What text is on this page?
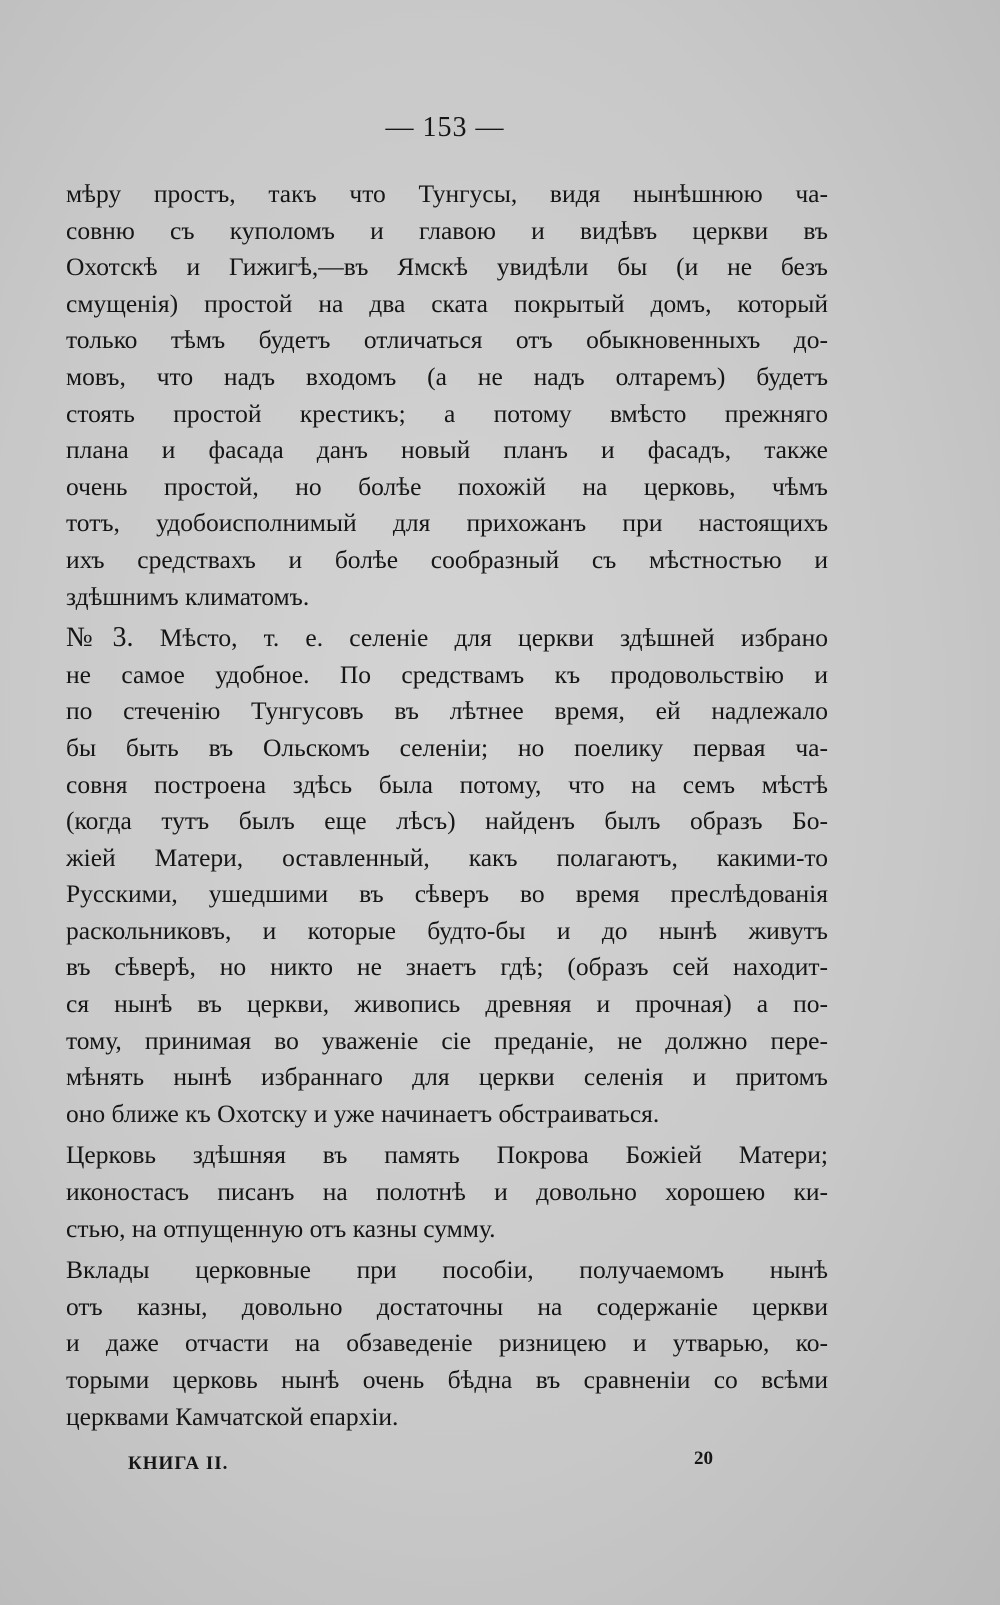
— 153 —
мѣру простъ, такъ что Тунгусы, видя нынѣшнюю ча-
совню съ куполомъ и главою и видѣвъ церкви въ
Охотскѣ и Гижигѣ,—въ Ямскѣ увидѣли бы (и не безъ
смущенія) простой на два ската покрытый домъ, который
только тѣмъ будетъ отличаться отъ обыкновенныхъ до-
мовъ, что надъ входомъ (а не надъ олтаремъ) будетъ
стоять простой крестикъ; а потому вмѣсто прежняго
плана и фасада данъ новый планъ и фасадъ, также
очень простой, но болѣе похожій на церковь, чѣмъ
тотъ, удобоисполнимый для прихожанъ при настоящихъ
ихъ средствахъ и болѣе сообразный съ мѣстностью и
здѣшнимъ климатомъ.
№3. Мѣсто, т. е. селеніе для церкви здѣшней избрано
не самое удобное. По средствамъ къ продовольствію и
по стеченію Тунгусовъ въ лѣтнее время, ей надлежало
бы быть въ Ольскомъ селеніи; но поелику первая ча-
совня построена здѣсь была потому, что на семъ мѣстѣ
(когда тутъ былъ еще лѣсъ) найденъ былъ образъ Бо-
жіей Матери, оставленный, какъ полагаютъ, какими-то
Русскими, ушедшими въ сѣверъ во время преслѣдованія
раскольниковъ, и которые будто-бы и до нынѣ живутъ
въ сѣверѣ, но никто не знаетъ гдѣ; (образъ сей находит-
ся нынѣ въ церкви, живопись древняя и прочная) а по-
тому, принимая во уваженіе сіе преданіе, не должно пере-
мѣнять нынѣ избраннаго для церкви селенія и притомъ
оно ближе къ Охотску и уже начинаетъ обстраиваться.
Церковь здѣшняя въ память Покрова Божіей Матери;
иконостасъ писанъ на полотнѣ и довольно хорошею ки-
стью, на отпущенную отъ казны сумму.
Вклады церковные при пособіи, получаемомъ нынѣ
отъ казны, довольно достаточны на содержаніе церкви
и даже отчасти на обзаведеніе ризницею и утварью, ко-
торыми церковь нынѣ очень бѣдна въ сравненіи со всѣми
церквами Камчатской епархіи.
КНИГА II.	20
